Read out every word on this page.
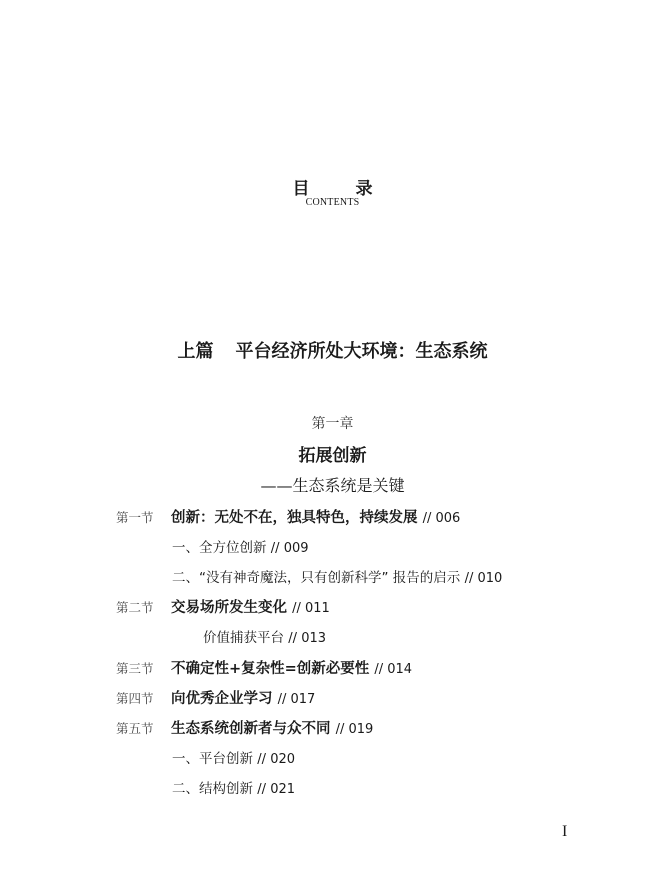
目 录
CONTENTS
上篇 平台经济所处大环境：生态系统
第一章
拓展创新
——生态系统是关键
第一节 创新：无处不在，独具特色，持续发展 // 006
一、全方位创新 // 009
二、“没有神奇魔法，只有创新科学” 报告的启示 // 010
第二节 交易场所发生变化 // 011
价值捕获平台 // 013
第三节 不确定性+复杂性=创新必要性 // 014
第四节 向优秀企业学习 // 017
第五节 生态系统创新者与众不同 // 019
一、平台创新 // 020
二、结构创新 // 021
I
